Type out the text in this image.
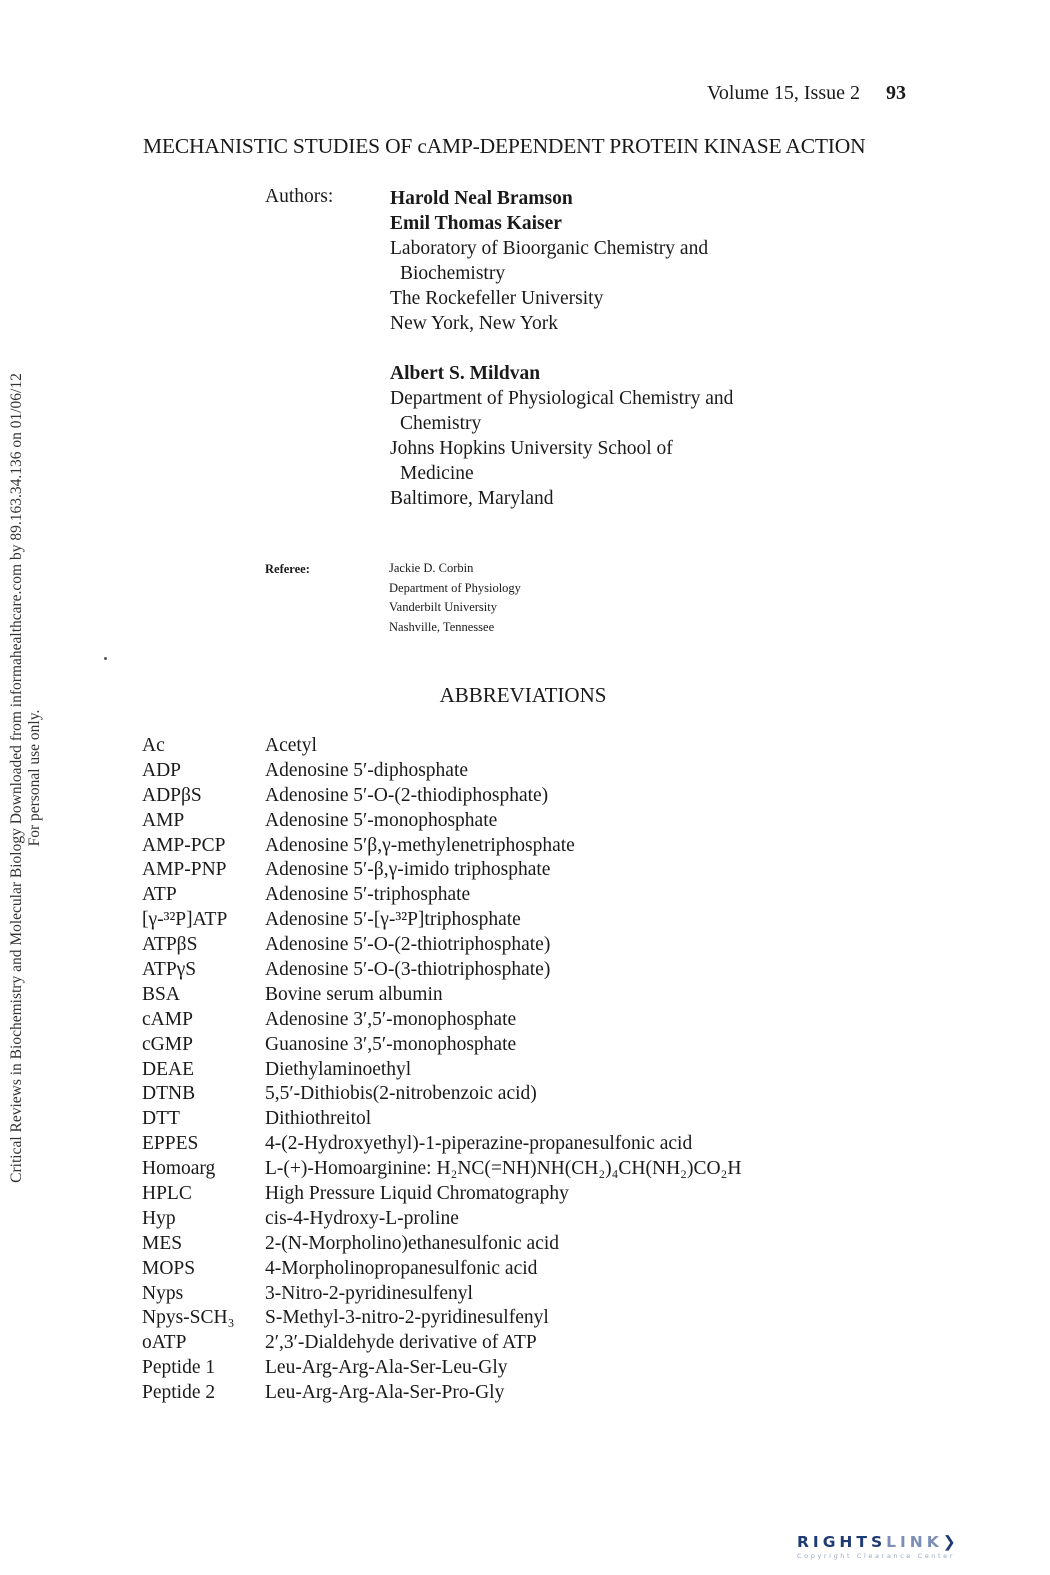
Volume 15, Issue 2 93
MECHANISTIC STUDIES OF cAMP-DEPENDENT PROTEIN KINASE ACTION
Authors:	Harold Neal Bramson
Emil Thomas Kaiser
Laboratory of Bioorganic Chemistry and
Biochemistry
The Rockefeller University
New York, New York
Albert S. Mildvan
Department of Physiological Chemistry and
Chemistry
Johns Hopkins University School of
Medicine
Baltimore, Maryland
Referee:	Jackie D. Corbin
Department of Physiology
Vanderbilt University
Nashville, Tennessee
ABBREVIATIONS
Ac	Acetyl
ADP	Adenosine 5′-diphosphate
ADPβS	Adenosine 5′-O-(2-thiodiphosphate)
AMP	Adenosine 5′-monophosphate
AMP-PCP	Adenosine 5′β,γ-methylenetriphosphate
AMP-PNP	Adenosine 5′-β,γ-imido triphosphate
ATP	Adenosine 5′-triphosphate
[γ-³²P]ATP	Adenosine 5′-[γ-³²P]triphosphate
ATPβS	Adenosine 5′-O-(2-thiotriphosphate)
ATPγS	Adenosine 5′-O-(3-thiotriphosphate)
BSA	Bovine serum albumin
cAMP	Adenosine 3′,5′-monophosphate
cGMP	Guanosine 3′,5′-monophosphate
DEAE	Diethylaminoethyl
DTNB	5,5′-Dithiobis(2-nitrobenzoic acid)
DTT	Dithiothreitol
EPPES	4-(2-Hydroxyethyl)-1-piperazine-propanesulfonic acid
Homoarg	L-(+)-Homoarginine: H₂NC(=NH)NH(CH₂)₄CH(NH₂)CO₂H
HPLC	High Pressure Liquid Chromatography
Hyp	cis-4-Hydroxy-L-proline
MES	2-(N-Morpholino)ethanesulfonic acid
MOPS	4-Morpholinopropanesulfonic acid
Nyps	3-Nitro-2-pyridinesulfenyl
Npys-SCH₃	S-Methyl-3-nitro-2-pyridinesulfenyl
oATP	2′,3′-Dialdehyde derivative of ATP
Peptide 1	Leu-Arg-Arg-Ala-Ser-Leu-Gly
Peptide 2	Leu-Arg-Arg-Ala-Ser-Pro-Gly
Critical Reviews in Biochemistry and Molecular Biology Downloaded from informahealthcare.com by 89.163.34.136 on 01/06/12 For personal use only.
RIGHTSLINK❯
Copyright Clearance Center
